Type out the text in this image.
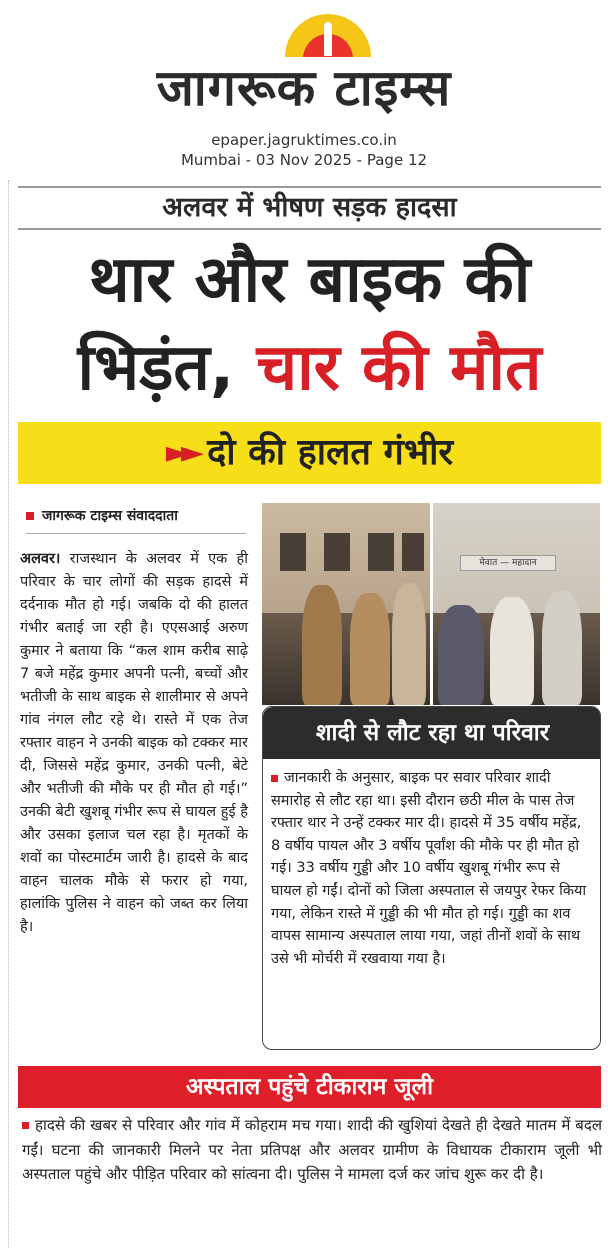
जागरूक टाइम्स
epaper.jagruktimes.co.in
Mumbai - 03 Nov 2025 - Page 12
अलवर में भीषण सड़क हादसा
थार और बाइक की
भिड़ंत, चार की मौत
►► दो की हालत गंभीर
जागरूक टाइम्स संवाददाता
अलवर। राजस्थान के अलवर में एक ही परिवार के चार लोगों की सड़क हादसे में दर्दनाक मौत हो गई। जबकि दो की हालत गंभीर बताई जा रही है। एएसआई अरुण कुमार ने बताया कि “कल शाम करीब साढ़े 7 बजे महेंद्र कुमार अपनी पत्नी, बच्चों और भतीजी के साथ बाइक से शालीमार से अपने गांव नंगल लौट रहे थे। रास्ते में एक तेज रफ्तार वाहन ने उनकी बाइक को टक्कर मार दी, जिससे महेंद्र कुमार, उनकी पत्नी, बेटे और भतीजी की मौके पर ही मौत हो गई।” उनकी बेटी खुशबू गंभीर रूप से घायल हुई है और उसका इलाज चल रहा है। मृतकों के शवों का पोस्टमार्टम जारी है। हादसे के बाद वाहन चालक मौके से फरार हो गया, हालांकि पुलिस ने वाहन को जब्त कर लिया है।
मेवात — महादान
शादी से लौट रहा था परिवार
जानकारी के अनुसार, बाइक पर सवार परिवार शादी समारोह से लौट रहा था। इसी दौरान छठी मील के पास तेज रफ्तार थार ने उन्हें टक्कर मार दी। हादसे में 35 वर्षीय महेंद्र, 8 वर्षीय पायल और 3 वर्षीय पूर्वांश की मौके पर ही मौत हो गई। 33 वर्षीय गुड्डी और 10 वर्षीय खुशबू गंभीर रूप से घायल हो गईं। दोनों को जिला अस्पताल से जयपुर रेफर किया गया, लेकिन रास्ते में गुड्डी की भी मौत हो गई। गुड्डी का शव वापस सामान्य अस्पताल लाया गया, जहां तीनों शवों के साथ उसे भी मोर्चरी में रखवाया गया है।
अस्पताल पहुंचे टीकाराम जूली
हादसे की खबर से परिवार और गांव में कोहराम मच गया। शादी की खुशियां देखते ही देखते मातम में बदल गईं। घटना की जानकारी मिलने पर नेता प्रतिपक्ष और अलवर ग्रामीण के विधायक टीकाराम जूली भी अस्पताल पहुंचे और पीड़ित परिवार को सांत्वना दी। पुलिस ने मामला दर्ज कर जांच शुरू कर दी है।
